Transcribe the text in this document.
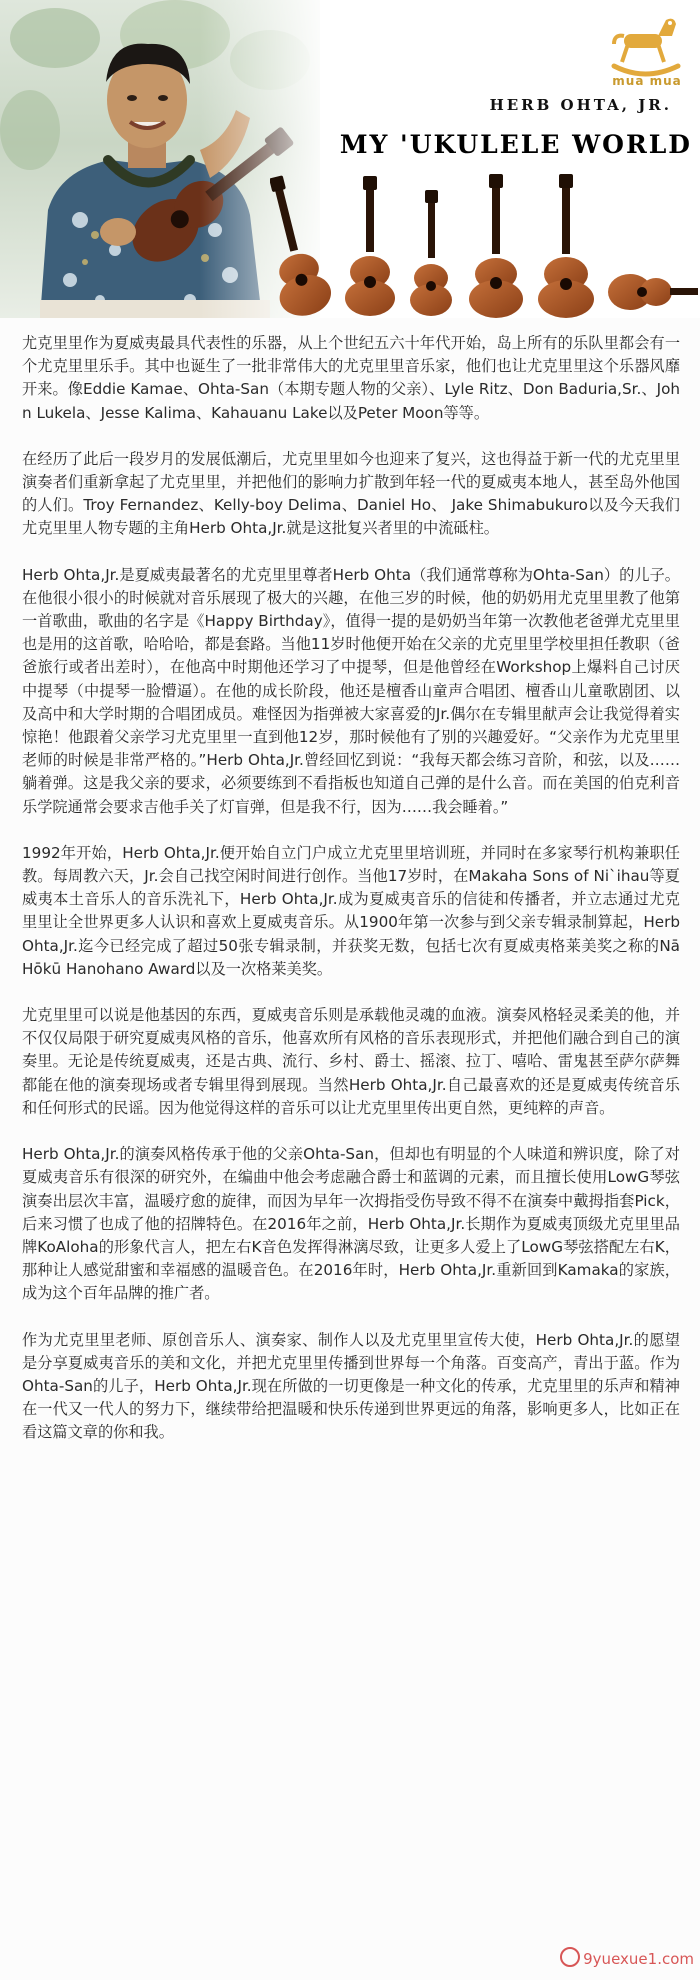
mua mua
HERB OHTA, JR.
MY 'UKULELE WORLD

尤克里里作为夏威夷最具代表性的乐器，从上个世纪五六十年代开始，岛上所有的乐队里都会有一个尤克里里乐手。其中也诞生了一批非常伟大的尤克里里音乐家，他们也让尤克里里这个乐器风靡开来。像Eddie Kamae、Ohta-San（本期专题人物的父亲）、Lyle Ritz、Don Baduria,Sr.、John Lukela、Jesse Kalima、Kahauanu Lake以及Peter Moon等等。

在经历了此后一段岁月的发展低潮后，尤克里里如今也迎来了复兴，这也得益于新一代的尤克里里演奏者们重新拿起了尤克里里，并把他们的影响力扩散到年轻一代的夏威夷本地人，甚至岛外他国的人们。Troy Fernandez、Kelly-boy Delima、Daniel Ho、 Jake Shimabukuro以及今天我们尤克里里人物专题的主角Herb Ohta,Jr.就是这批复兴者里的中流砥柱。

Herb Ohta,Jr.是夏威夷最著名的尤克里里尊者Herb Ohta（我们通常尊称为Ohta-San）的儿子。在他很小很小的时候就对音乐展现了极大的兴趣，在他三岁的时候，他的奶奶用尤克里里教了他第一首歌曲，歌曲的名字是《Happy Birthday》，值得一提的是奶奶当年第一次教他老爸弹尤克里里也是用的这首歌，哈哈哈，都是套路。当他11岁时他便开始在父亲的尤克里里学校里担任教职（爸爸旅行或者出差时），在他高中时期他还学习了中提琴，但是他曾经在Workshop上爆料自己讨厌中提琴（中提琴一脸懵逼）。在他的成长阶段，他还是檀香山童声合唱团、檀香山儿童歌剧团、以及高中和大学时期的合唱团成员。难怪因为指弹被大家喜爱的Jr.偶尔在专辑里献声会让我觉得着实惊艳！他跟着父亲学习尤克里里一直到他12岁，那时候他有了别的兴趣爱好。“父亲作为尤克里里老师的时候是非常严格的。”Herb Ohta,Jr.曾经回忆到说：“我每天都会练习音阶，和弦，以及……躺着弹。这是我父亲的要求，必须要练到不看指板也知道自己弹的是什么音。而在美国的伯克利音乐学院通常会要求吉他手关了灯盲弹，但是我不行，因为……我会睡着。”

1992年开始，Herb Ohta,Jr.便开始自立门户成立尤克里里培训班，并同时在多家琴行机构兼职任教。每周教六天，Jr.会自己找空闲时间进行创作。当他17岁时，在Makaha Sons of Ni`ihau等夏威夷本土音乐人的音乐洗礼下，Herb Ohta,Jr.成为夏威夷音乐的信徒和传播者，并立志通过尤克里里让全世界更多人认识和喜欢上夏威夷音乐。从1900年第一次参与到父亲专辑录制算起，Herb Ohta,Jr.迄今已经完成了超过50张专辑录制，并获奖无数，包括七次有夏威夷格莱美奖之称的Nā Hōkū Hanohano Award以及一次格莱美奖。

尤克里里可以说是他基因的东西，夏威夷音乐则是承载他灵魂的血液。演奏风格轻灵柔美的他，并不仅仅局限于研究夏威夷风格的音乐，他喜欢所有风格的音乐表现形式，并把他们融合到自己的演奏里。无论是传统夏威夷，还是古典、流行、乡村、爵士、摇滚、拉丁、嘻哈、雷鬼甚至萨尔萨舞都能在他的演奏现场或者专辑里得到展现。当然Herb Ohta,Jr.自己最喜欢的还是夏威夷传统音乐和任何形式的民谣。因为他觉得这样的音乐可以让尤克里里传出更自然，更纯粹的声音。

Herb Ohta,Jr.的演奏风格传承于他的父亲Ohta-San，但却也有明显的个人味道和辨识度，除了对夏威夷音乐有很深的研究外，在编曲中他会考虑融合爵士和蓝调的元素，而且擅长使用LowG琴弦演奏出层次丰富，温暖疗愈的旋律，而因为早年一次拇指受伤导致不得不在演奏中戴拇指套Pick，后来习惯了也成了他的招牌特色。在2016年之前，Herb Ohta,Jr.长期作为夏威夷顶级尤克里里品牌KoAloha的形象代言人，把左右K音色发挥得淋漓尽致，让更多人爱上了LowG琴弦搭配左右K，那种让人感觉甜蜜和幸福感的温暖音色。在2016年时，Herb Ohta,Jr.重新回到Kamaka的家族，成为这个百年品牌的推广者。

作为尤克里里老师、原创音乐人、演奏家、制作人以及尤克里里宣传大使，Herb Ohta,Jr.的愿望是分享夏威夷音乐的美和文化，并把尤克里里传播到世界每一个角落。百变高产，青出于蓝。作为Ohta-San的儿子，Herb Ohta,Jr.现在所做的一切更像是一种文化的传承，尤克里里的乐声和精神在一代又一代人的努力下，继续带给把温暖和快乐传递到世界更远的角落，影响更多人，比如正在看这篇文章的你和我。

9yuexue1.com
